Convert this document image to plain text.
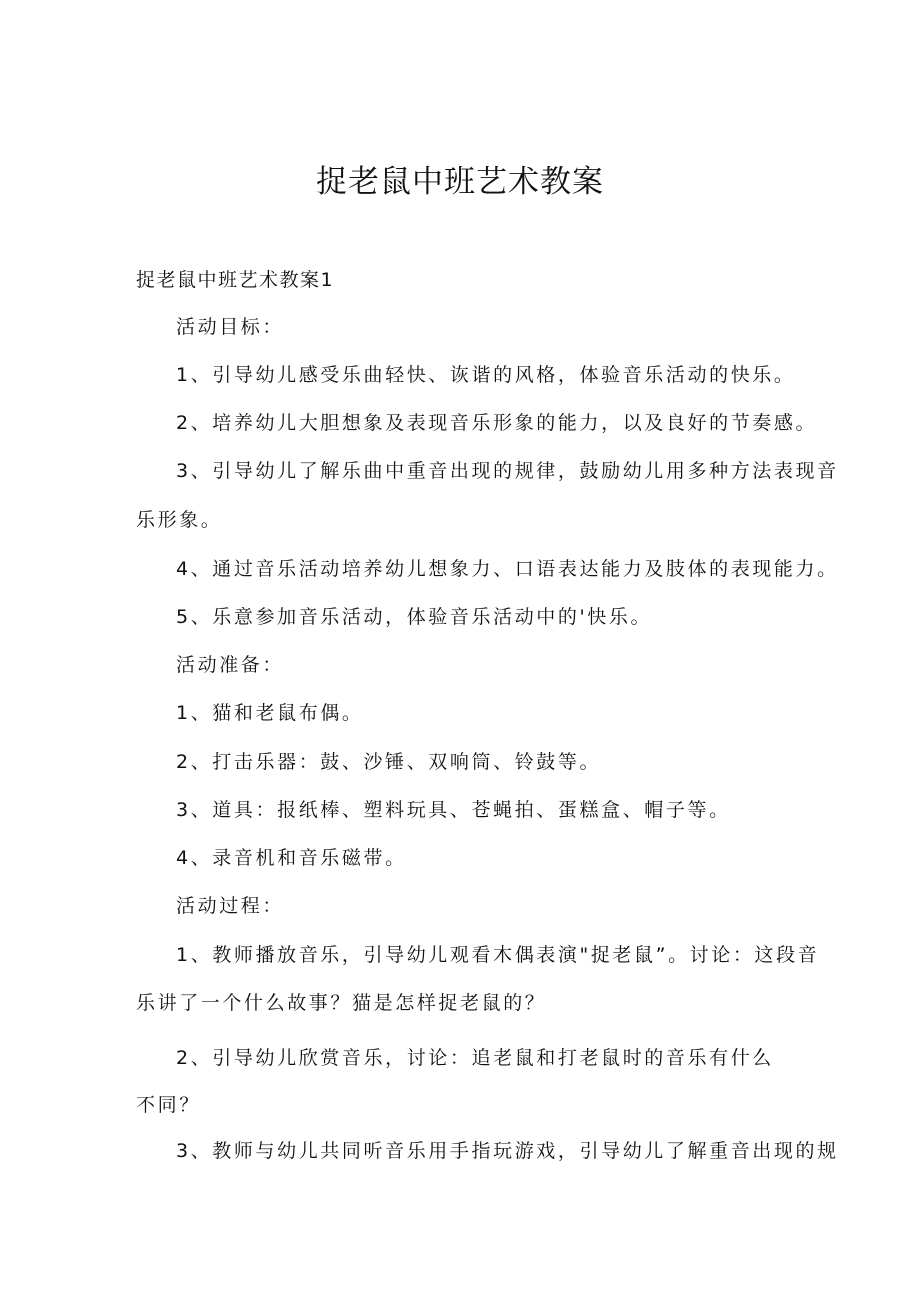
捉老鼠中班艺术教案
捉老鼠中班艺术教案1
活动目标：
1、引导幼儿感受乐曲轻快、诙谐的风格，体验音乐活动的快乐。
2、培养幼儿大胆想象及表现音乐形象的能力，以及良好的节奏感。
3、引导幼儿了解乐曲中重音出现的规律，鼓励幼儿用多种方法表现音
乐形象。
4、通过音乐活动培养幼儿想象力、口语表达能力及肢体的表现能力。
5、乐意参加音乐活动，体验音乐活动中的'快乐。
活动准备：
1、猫和老鼠布偶。
2、打击乐器：鼓、沙锤、双响筒、铃鼓等。
3、道具：报纸棒、塑料玩具、苍蝇拍、蛋糕盒、帽子等。
4、录音机和音乐磁带。
活动过程：
1、教师播放音乐，引导幼儿观看木偶表演"捉老鼠”。讨论：这段音
乐讲了一个什么故事？猫是怎样捉老鼠的？
2、引导幼儿欣赏音乐，讨论：追老鼠和打老鼠时的音乐有什么
不同？
3、教师与幼儿共同听音乐用手指玩游戏，引导幼儿了解重音出现的规
